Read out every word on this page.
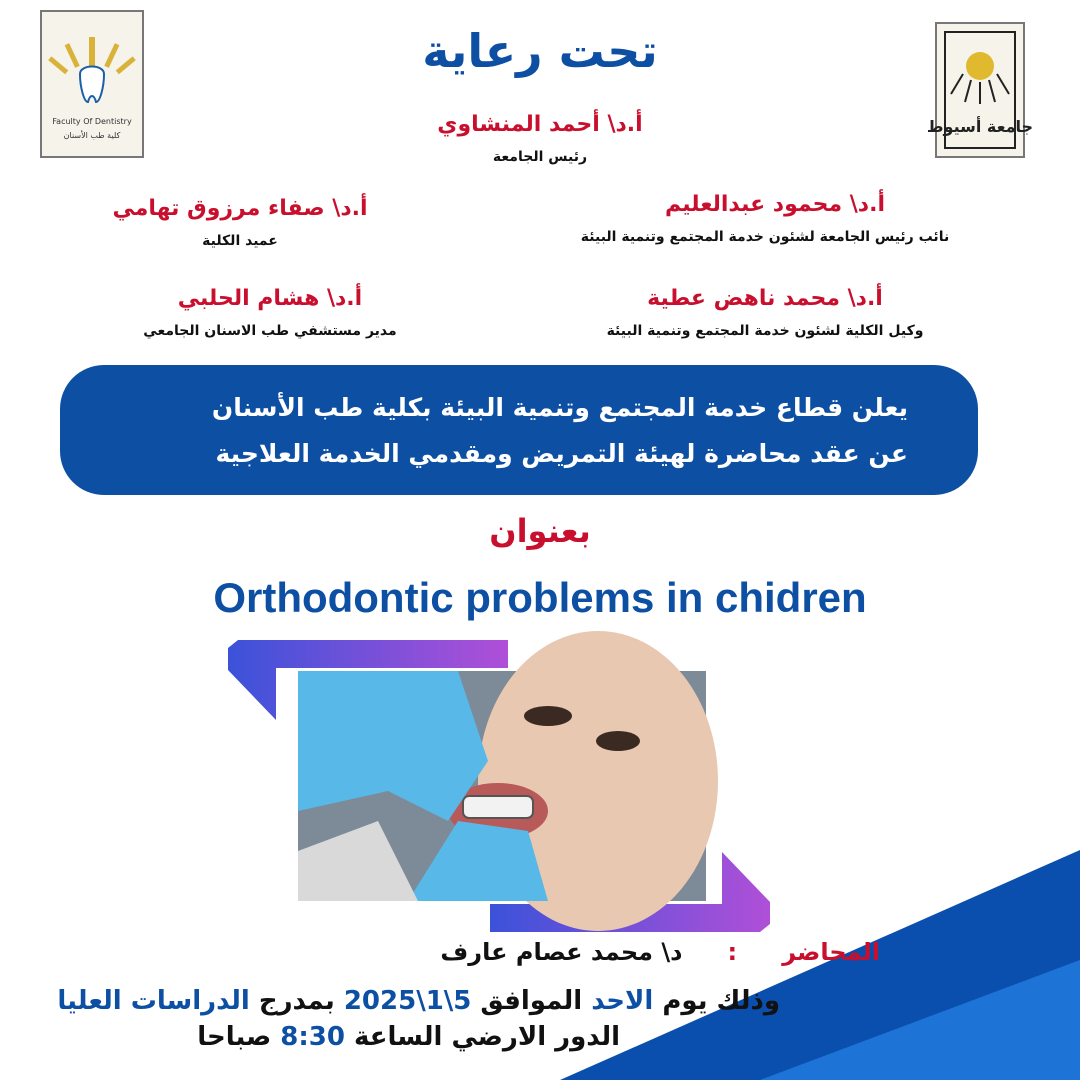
Faculty Of Dentistry
كلية طب الأسنان	جامعة أسيوط
تحت رعاية
أ.د\ أحمد المنشاوي
رئيس الجامعة
أ.د\ محمود عبدالعليم
نائب رئيس الجامعة لشئون خدمة المجتمع وتنمية البيئة
أ.د\ صفاء مرزوق تهامي
عميد الكلية
أ.د\ محمد ناهض عطية
وكيل الكلية لشئون خدمة المجتمع وتنمية البيئة
أ.د\ هشام الحلبي
مدير مستشفي طب الاسنان الجامعي
يعلن قطاع خدمة المجتمع وتنمية البيئة بكلية طب الأسنان
عن عقد محاضرة لهيئة التمريض ومقدمي الخدمة العلاجية
بعنوان
Orthodontic problems in chidren
المحاضر : د\ محمد عصام عارف
وذلك يوم الاحد الموافق 5\1\2025 بمدرج الدراسات العليا
الدور الارضي الساعة 8:30 صباحا
